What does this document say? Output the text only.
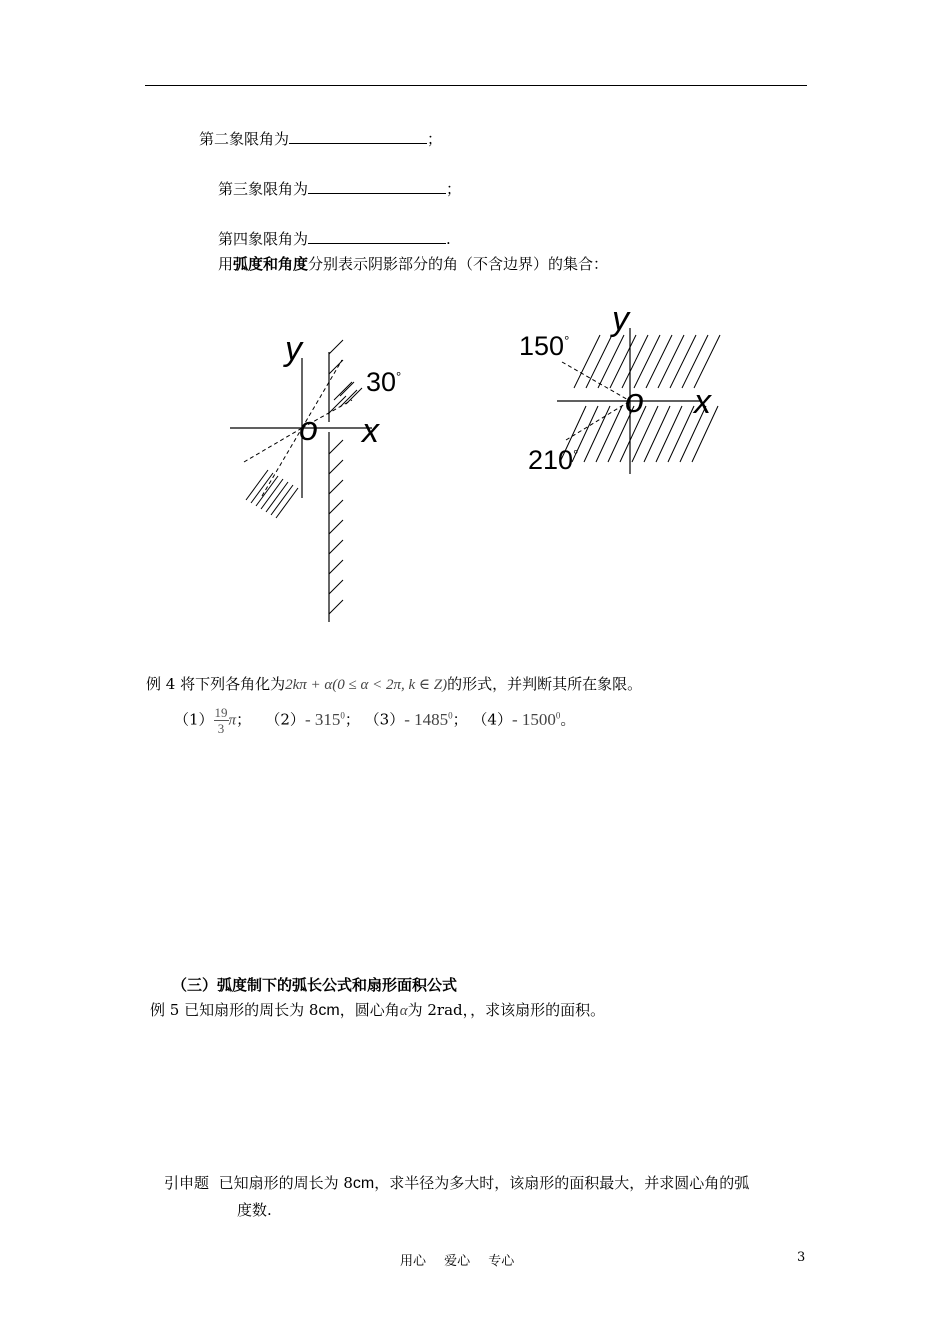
第二象限角为	；
第三象限角为	；
第四象限角为	.
用弧度和角度分别表示阴影部分的角（不含边界）的集合：
y
o x
30°
150°
210°
y
o x
例 4 将下列各角化为2kπ + α(0 ≤ α < 2π, k ∈ Z)的形式，并判断其所在象限。
$(1) \frac{19}{3}$ π； （2）- $315^0$； （3）- 1485$^0$； （4）- 1500$^0$。
（三）弧度制下的弧长公式和扇形面积公式
例 5 已知扇形的周长为 8cm，圆心角α为 2rad，，求该扇形的面积。
引申题 已知扇形的周长为 8cm，求半径为多大时，该扇形的面积最大，并求圆心角的弧
度数.
用心 爱心 专心	3
